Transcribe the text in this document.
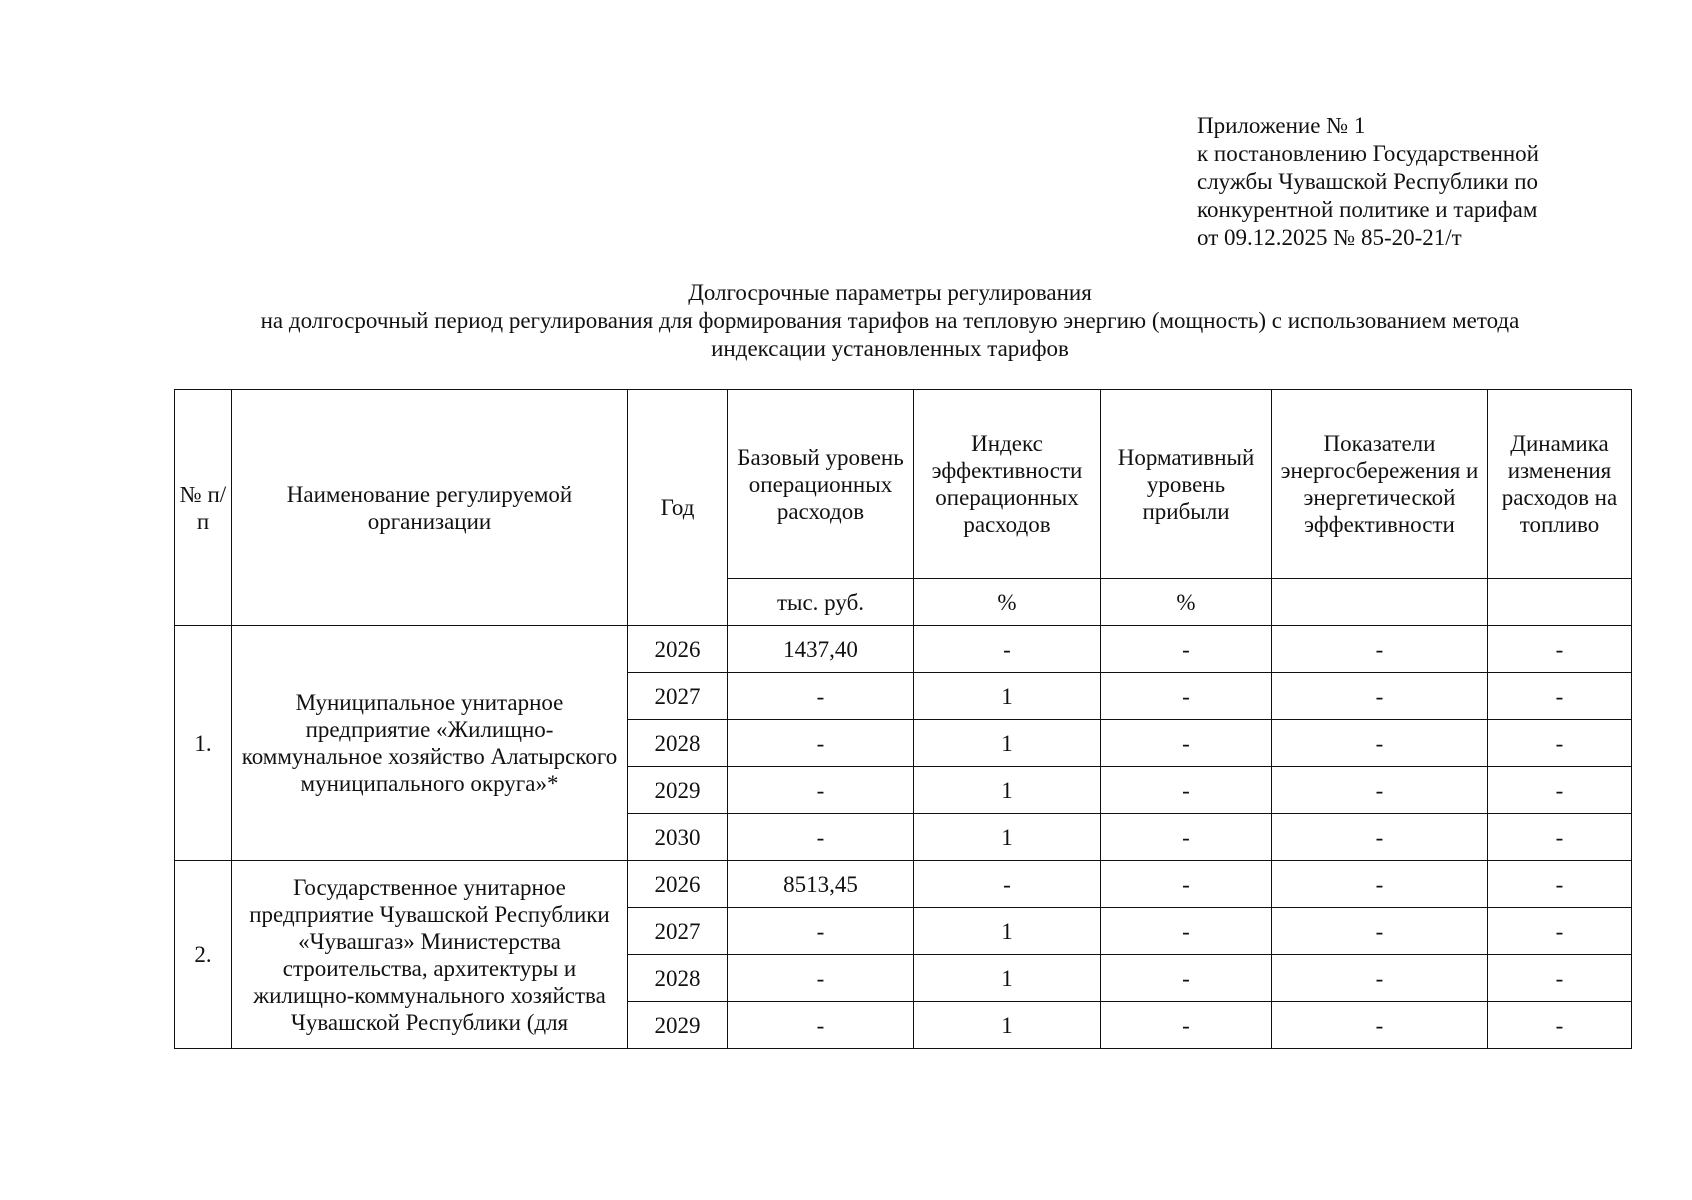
Приложение № 1
к постановлению Государственной
службы Чувашской Республики по
конкурентной политике и тарифам
от 09.12.2025 № 85-20-21/т
Долгосрочные параметры регулирования
на долгосрочный период регулирования для формирования тарифов на тепловую энергию (мощность) с использованием метода
индексации установленных тарифов
№ п/п	Наименование регулируемой организации	Год	Базовый уровень операционных расходов	Индекс эффективности операционных расходов	Нормативный уровень прибыли	Показатели энергосбережения и энергетической эффективности	Динамика изменения расходов на топливо
			тыс. руб.	%	%		
1.	Муниципальное унитарное предприятие «Жилищно-коммунальное хозяйство Алатырского муниципального округа»*	2026	1437,40	-	-	-	-
		2027	-	1	-	-	-
		2028	-	1	-	-	-
		2029	-	1	-	-	-
		2030	-	1	-	-	-
2.	Государственное унитарное предприятие Чувашской Республики «Чувашгаз» Министерства строительства, архитектуры и жилищно-коммунального хозяйства Чувашской Республики (для	2026	8513,45	-	-	-	-
		2027	-	1	-	-	-
		2028	-	1	-	-	-
		2029	-	1	-	-	-
